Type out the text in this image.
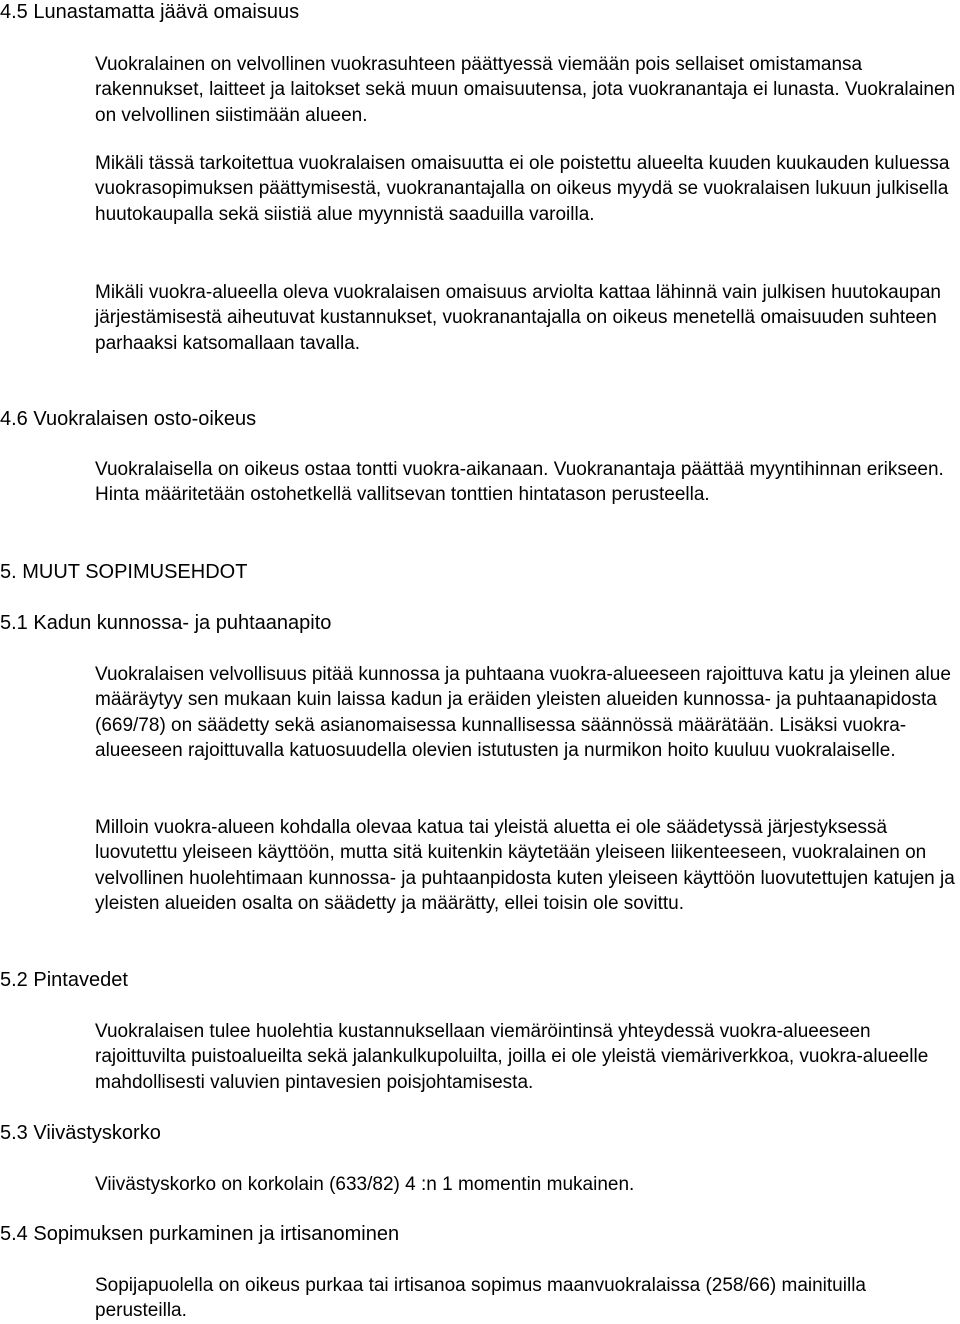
4.5 Lunastamatta jäävä omaisuus

Vuokralainen on velvollinen vuokrasuhteen päättyessä viemään pois sellaiset omistamansa rakennukset, laitteet ja laitokset sekä muun omaisuutensa, jota vuokranantaja ei lunasta. Vuokralainen on velvollinen siistimään alueen.

Mikäli tässä tarkoitettua vuokralaisen omaisuutta ei ole poistettu alueelta kuuden kuukauden kuluessa vuokrasopimuksen päättymisestä, vuokranantajalla on oikeus myydä se vuokralaisen lukuun julkisella huutokaupalla sekä siistiä alue myynnistä saaduilla varoilla.

Mikäli vuokra-alueella oleva vuokralaisen omaisuus arviolta kattaa lähinnä vain julkisen huutokaupan järjestämisestä aiheutuvat kustannukset, vuokranantajalla on oikeus menetellä omaisuuden suhteen parhaaksi katsomallaan tavalla.

4.6 Vuokralaisen osto-oikeus

Vuokralaisella on oikeus ostaa tontti vuokra-aikanaan. Vuokranantaja päättää myyntihinnan erikseen. Hinta määritetään ostohetkellä vallitsevan tonttien hintatason perusteella.

5. MUUT SOPIMUSEHDOT
5.1 Kadun kunnossa- ja puhtaanapito

Vuokralaisen velvollisuus pitää kunnossa ja puhtaana vuokra-alueeseen rajoittuva katu ja yleinen alue määräytyy sen mukaan kuin laissa kadun ja eräiden yleisten alueiden kunnossa- ja puhtaanapidosta (669/78) on säädetty sekä asianomaisessa kunnallisessa säännössä määrätään. Lisäksi vuokra-alueeseen rajoittuvalla katuosuudella olevien istutusten ja nurmikon hoito kuuluu vuokralaiselle.

Milloin vuokra-alueen kohdalla olevaa katua tai yleistä aluetta ei ole säädetyssä järjestyksessä luovutettu yleiseen käyttöön, mutta sitä kuitenkin käytetään yleiseen liikenteeseen, vuokralainen on velvollinen huolehtimaan kunnossa- ja puhtaanpidosta kuten yleiseen käyttöön luovutettujen katujen ja yleisten alueiden osalta on säädetty ja määrätty, ellei toisin ole sovittu.

5.2 Pintavedet

Vuokralaisen tulee huolehtia kustannuksellaan viemäröintinsä yhteydessä vuokra-alueeseen rajoittuvilta puistoalueilta sekä jalankulkupoluilta, joilla ei ole yleistä viemäriverkkoa, vuokra-alueelle mahdollisesti valuvien pintavesien poisjohtamisesta.

5.3 Viivästyskorko

Viivästyskorko on korkolain (633/82) 4 :n 1 momentin mukainen.

5.4 Sopimuksen purkaminen ja irtisanominen

Sopijapuolella on oikeus purkaa tai irtisanoa sopimus maanvuokralaissa (258/66) mainituilla perusteilla.
